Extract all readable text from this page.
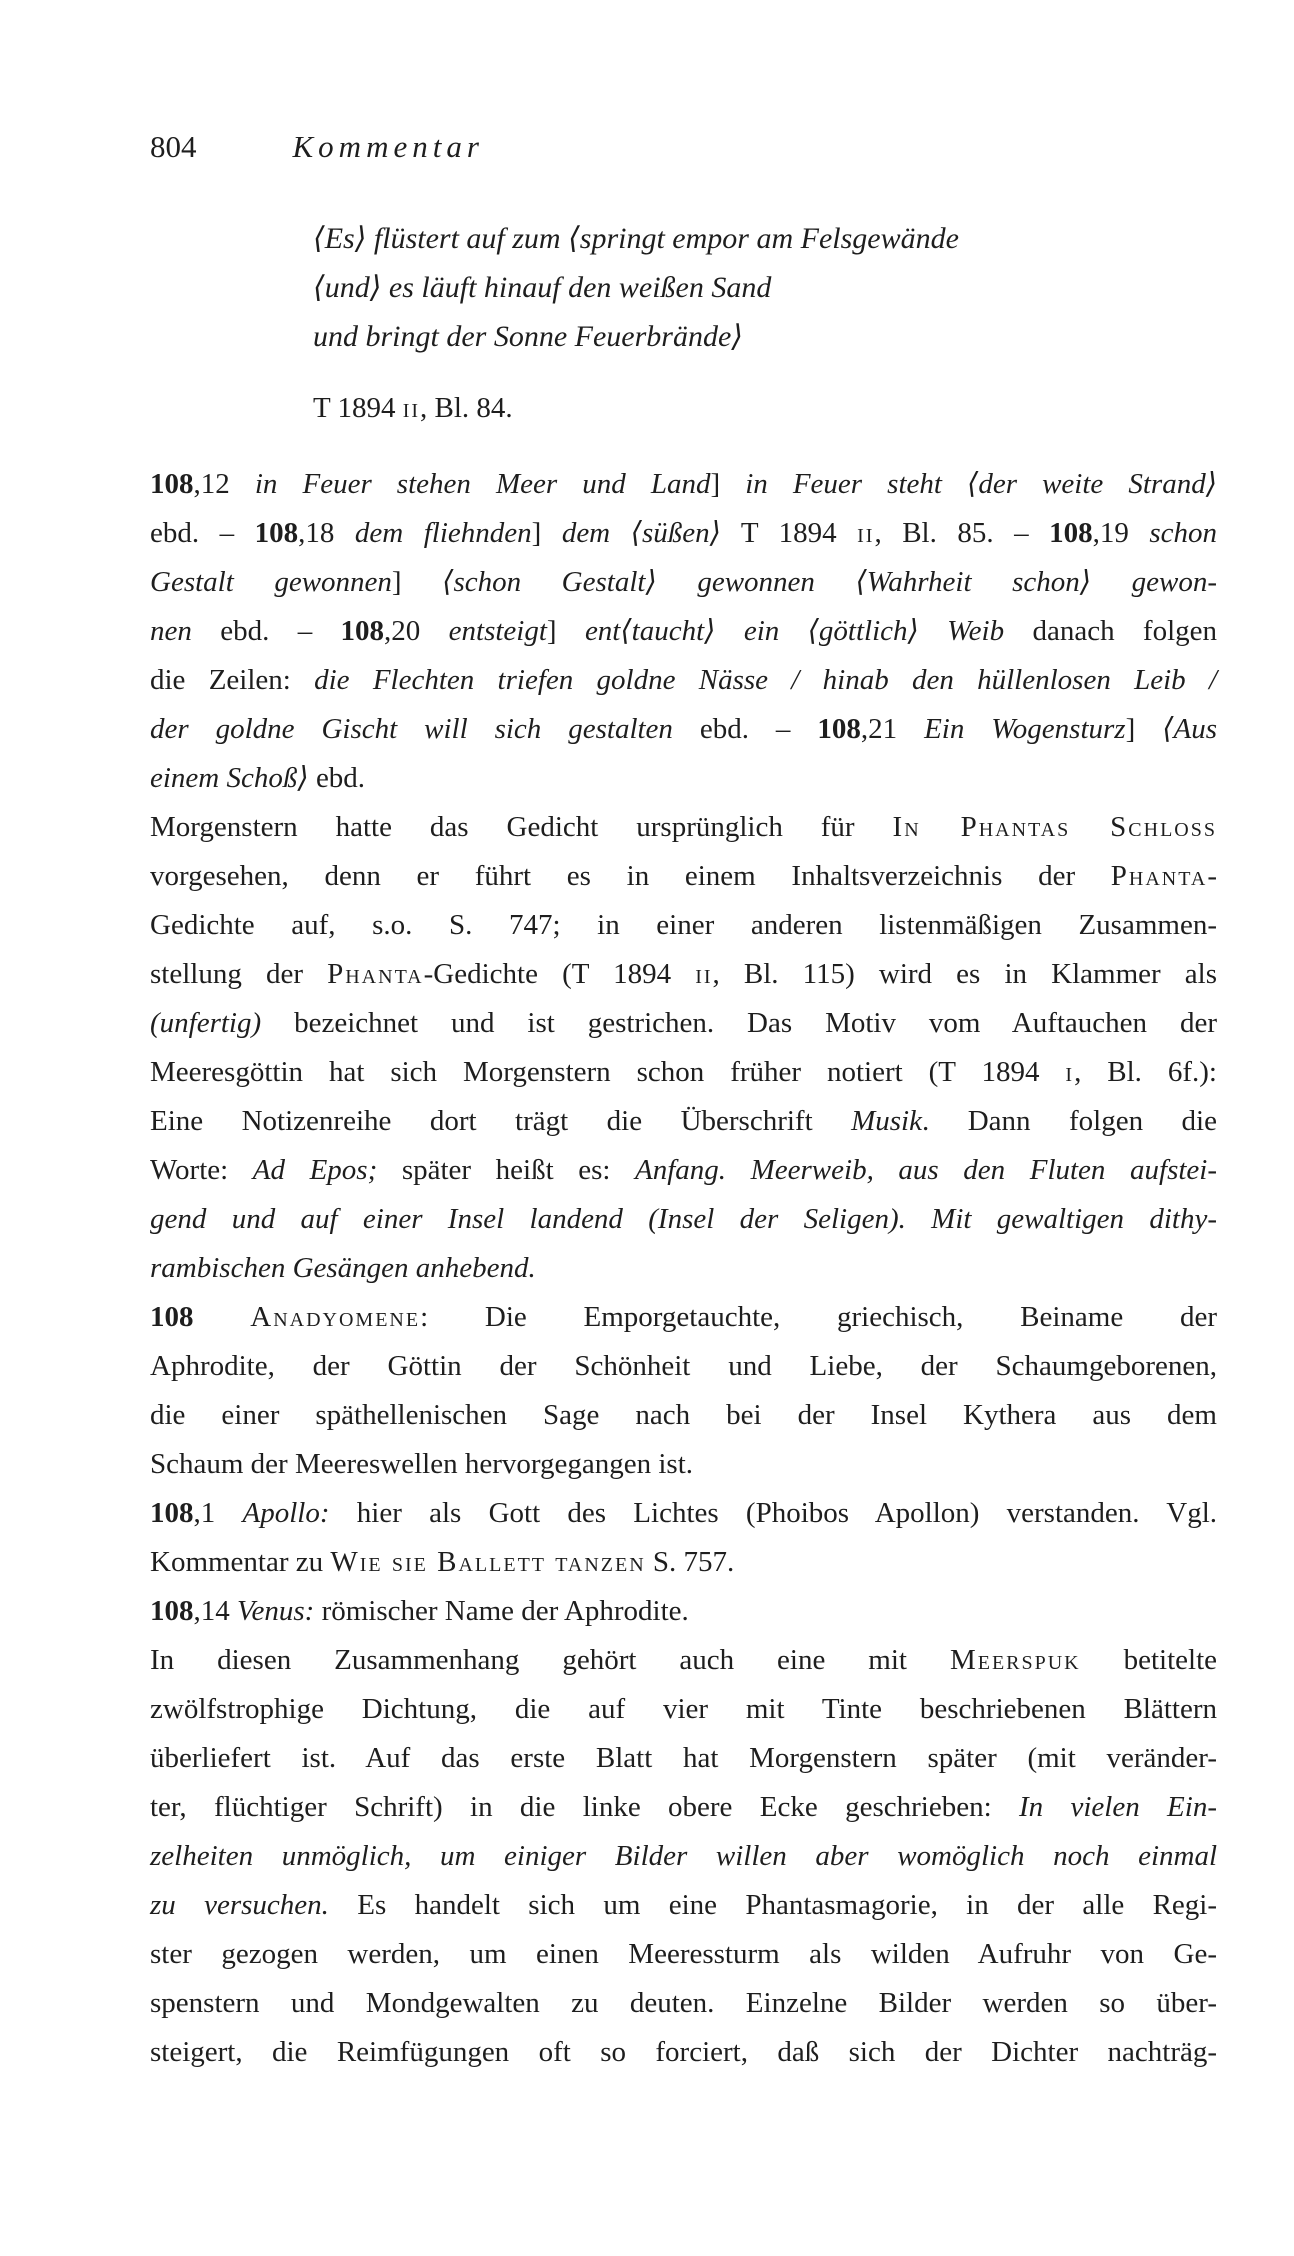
804	Kommentar
⟨Es⟩ flüstert auf zum ⟨springt empor am Felsgewände
⟨und⟩ es läuft hinauf den weißen Sand
und bringt der Sonne Feuerbrände⟩
T 1894 ii, Bl. 84.
108,12 in Feuer stehen Meer und Land] in Feuer steht ⟨der weite Strand⟩
ebd. – 108,18 dem fliehnden] dem ⟨süßen⟩ T 1894 ii, Bl. 85. – 108,19 schon
Gestalt gewonnen] ⟨schon Gestalt⟩ gewonnen ⟨Wahrheit schon⟩ gewon-
nen ebd. – 108,20 entsteigt] ent⟨taucht⟩ ein ⟨göttlich⟩ Weib danach folgen
die Zeilen: die Flechten triefen goldne Nässe / hinab den hüllenlosen Leib /
der goldne Gischt will sich gestalten ebd. – 108,21 Ein Wogensturz] ⟨Aus
einem Schoß⟩ ebd.
Morgenstern hatte das Gedicht ursprünglich für In Phantas Schloss
vorgesehen, denn er führt es in einem Inhaltsverzeichnis der Phanta-
Gedichte auf, s.o. S. 747; in einer anderen listenmäßigen Zusammen-
stellung der Phanta-Gedichte (T 1894 ii, Bl. 115) wird es in Klammer als
(unfertig) bezeichnet und ist gestrichen. Das Motiv vom Auftauchen der
Meeresgöttin hat sich Morgenstern schon früher notiert (T 1894 i, Bl. 6f.):
Eine Notizenreihe dort trägt die Überschrift Musik. Dann folgen die
Worte: Ad Epos; später heißt es: Anfang. Meerweib, aus den Fluten aufstei-
gend und auf einer Insel landend (Insel der Seligen). Mit gewaltigen dithy-
rambischen Gesängen anhebend.
108 Anadyomene: Die Emporgetauchte, griechisch, Beiname der
Aphrodite, der Göttin der Schönheit und Liebe, der Schaumgeborenen,
die einer späthellenischen Sage nach bei der Insel Kythera aus dem
Schaum der Meereswellen hervorgegangen ist.
108,1 Apollo: hier als Gott des Lichtes (Phoibos Apollon) verstanden. Vgl.
Kommentar zu Wie sie Ballett tanzen S. 757.
108,14 Venus: römischer Name der Aphrodite.
In diesen Zusammenhang gehört auch eine mit Meerspuk betitelte
zwölfstrophige Dichtung, die auf vier mit Tinte beschriebenen Blättern
überliefert ist. Auf das erste Blatt hat Morgenstern später (mit veränder-
ter, flüchtiger Schrift) in die linke obere Ecke geschrieben: In vielen Ein-
zelheiten unmöglich, um einiger Bilder willen aber womöglich noch einmal
zu versuchen. Es handelt sich um eine Phantasmagorie, in der alle Regi-
ster gezogen werden, um einen Meeressturm als wilden Aufruhr von Ge-
spenstern und Mondgewalten zu deuten. Einzelne Bilder werden so über-
steigert, die Reimfügungen oft so forciert, daß sich der Dichter nachträg-
